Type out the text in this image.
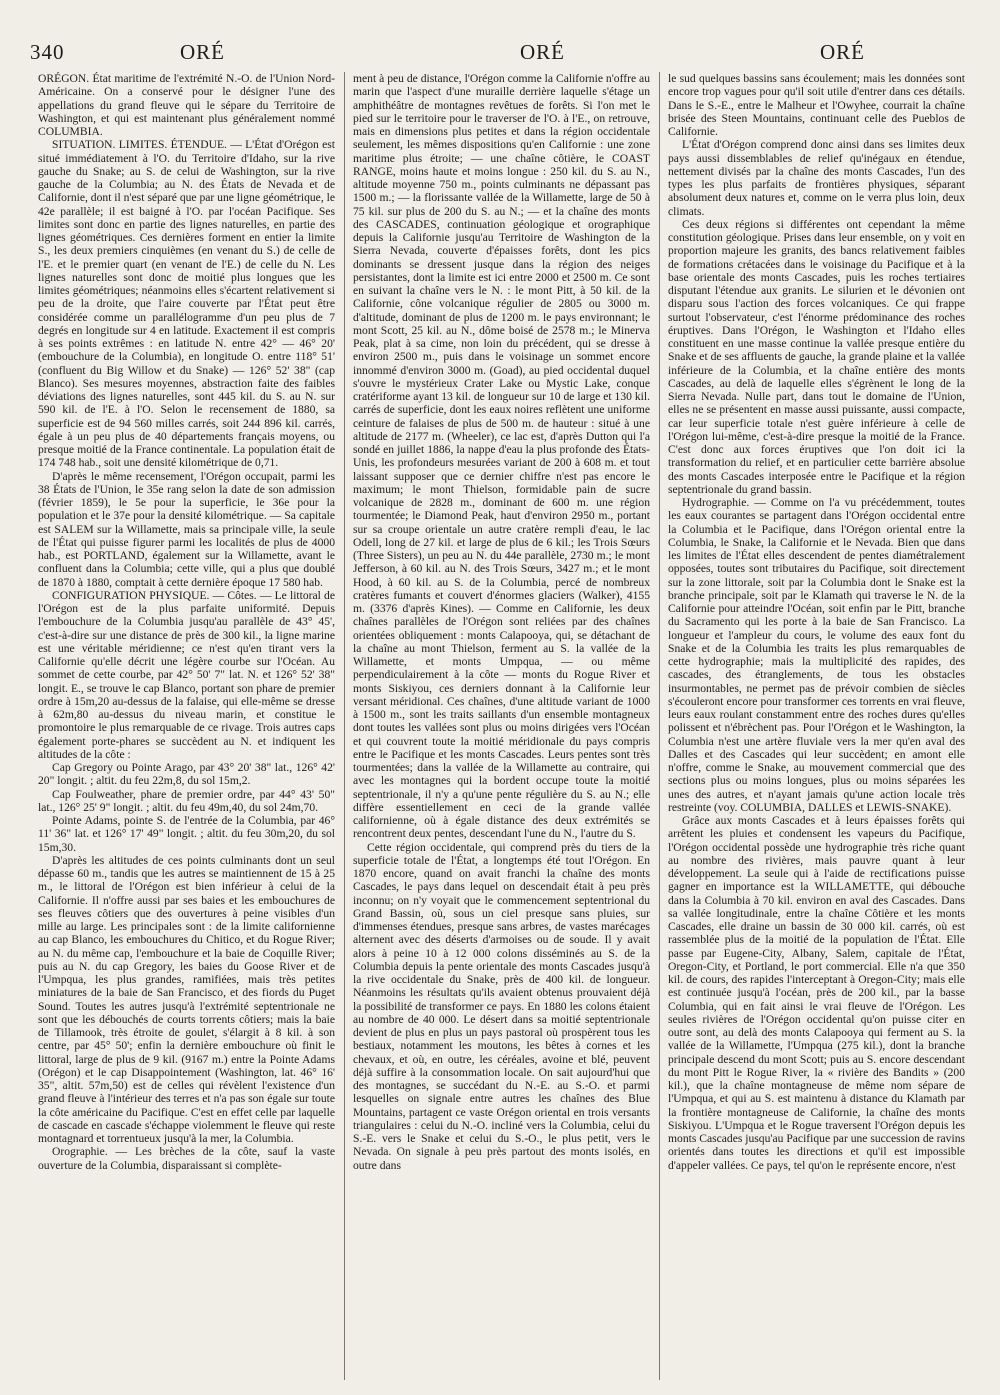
340	ORÉ	ORÉ	ORÉ

ORÉGON. État maritime de l'extrémité N.-O. de l'Union Nord-Américaine. On a conservé pour le désigner l'une des appellations du grand fleuve qui le sépare du Territoire de Washington, et qui est maintenant plus généralement nommé COLUMBIA.

SITUATION. LIMITES. ÉTENDUE. — L'État d'Orégon est situé immédiatement à l'O. du Territoire d'Idaho, sur la rive gauche du Snake; au S. de celui de Washington, sur la rive gauche de la Columbia; au N. des États de Nevada et de Californie, dont il n'est séparé que par une ligne géométrique, le 42e parallèle; il est baigné à l'O. par l'océan Pacifique. Ses limites sont donc en partie des lignes naturelles, en partie des lignes géométriques. Ces dernières forment en entier la limite S., les deux premiers cinquièmes (en venant du S.) de celle de l'E. et le premier quart (en venant de l'E.) de celle du N. Les lignes naturelles sont donc de moitié plus longues que les limites géométriques; néanmoins elles s'écartent relativement si peu de la droite, que l'aire couverte par l'État peut être considérée comme un parallélogramme d'un peu plus de 7 degrés en longitude sur 4 en latitude. Exactement il est compris à ses points extrêmes : en latitude N. entre 42° — 46° 20' (embouchure de la Columbia), en longitude O. entre 118° 51' (confluent du Big Willow et du Snake) — 126° 52' 38" (cap Blanco). Ses mesures moyennes, abstraction faite des faibles déviations des lignes naturelles, sont 445 kil. du S. au N. sur 590 kil. de l'E. à l'O. Selon le recensement de 1880, sa superficie est de 94 560 milles carrés, soit 244 896 kil. carrés, égale à un peu plus de 40 départements français moyens, ou presque moitié de la France continentale. La population était de 174 748 hab., soit une densité kilométrique de 0,71.

D'après le même recensement, l'Orégon occupait, parmi les 38 États de l'Union, le 35e rang selon la date de son admission (février 1859), le 5e pour la superficie, le 36e pour la population et le 37e pour la densité kilométrique. — Sa capitale est SALEM sur la Willamette, mais sa principale ville, la seule de l'État qui puisse figurer parmi les localités de plus de 4000 hab., est PORTLAND, également sur la Willamette, avant le confluent dans la Columbia; cette ville, qui a plus que doublé de 1870 à 1880, comptait à cette dernière époque 17 580 hab.

CONFIGURATION PHYSIQUE. — Côtes. — Le littoral de l'Orégon est de la plus parfaite uniformité. Depuis l'embouchure de la Columbia jusqu'au parallèle de 43° 45', c'est-à-dire sur une distance de près de 300 kil., la ligne marine est une véritable méridienne; ce n'est qu'en tirant vers la Californie qu'elle décrit une légère courbe sur l'Océan. Au sommet de cette courbe, par 42° 50' 7" lat. N. et 126° 52' 38" longit. E., se trouve le cap Blanco, portant son phare de premier ordre à 15m,20 au-dessus de la falaise, qui elle-même se dresse à 62m,80 au-dessus du niveau marin, et constitue le promontoire le plus remarquable de ce rivage. Trois autres caps également porte-phares se succèdent au N. et indiquent les altitudes de la côte :

Cap Gregory ou Pointe Arago, par 43° 20' 38" lat., 126° 42' 20" longit. ; altit. du feu 22m,8, du sol 15m,2.

Cap Foulweather, phare de premier ordre, par 44° 43' 50" lat., 126° 25' 9" longit. ; altit. du feu 49m,40, du sol 24m,70.

Pointe Adams, pointe S. de l'entrée de la Columbia, par 46° 11' 36" lat. et 126° 17' 49" longit. ; altit. du feu 30m,20, du sol 15m,30.

D'après les altitudes de ces points culminants dont un seul dépasse 60 m., tandis que les autres se maintiennent de 15 à 25 m., le littoral de l'Orégon est bien inférieur à celui de la Californie. Il n'offre aussi par ses baies et les embouchures de ses fleuves côtiers que des ouvertures à peine visibles d'un mille au large. Les principales sont : de la limite californienne au cap Blanco, les embouchures du Chitico, et du Rogue River; au N. du même cap, l'embouchure et la baie de Coquille River; puis au N. du cap Gregory, les baies du Goose River et de l'Umpqua, les plus grandes, ramifiées, mais très petites miniatures de la baie de San Francisco, et des fiords du Puget Sound. Toutes les autres jusqu'à l'extrémité septentrionale ne sont que les débouchés de courts torrents côtiers; mais la baie de Tillamook, très étroite de goulet, s'élargit à 8 kil. à son centre, par 45° 50'; enfin la dernière embouchure où finit le littoral, large de plus de 9 kil. (9167 m.) entre la Pointe Adams (Orégon) et le cap Disappointement (Washington, lat. 46° 16' 35", altit. 57m,50) est de celles qui révèlent l'existence d'un grand fleuve à l'intérieur des terres et n'a pas son égale sur toute la côte américaine du Pacifique. C'est en effet celle par laquelle de cascade en cascade s'échappe violemment le fleuve qui reste montagnard et torrentueux jusqu'à la mer, la Columbia.

Orographie. — Les brèches de la côte, sauf la vaste ouverture de la Columbia, disparaissant si complète-

ment à peu de distance, l'Orégon comme la Californie n'offre au marin que l'aspect d'une muraille derrière laquelle s'étage un amphithéâtre de montagnes revêtues de forêts. Si l'on met le pied sur le territoire pour le traverser de l'O. à l'E., on retrouve, mais en dimensions plus petites et dans la région occidentale seulement, les mêmes dispositions qu'en Californie : une zone maritime plus étroite; — une chaîne côtière, le COAST RANGE, moins haute et moins longue : 250 kil. du S. au N., altitude moyenne 750 m., points culminants ne dépassant pas 1500 m.; — la florissante vallée de la Willamette, large de 50 à 75 kil. sur plus de 200 du S. au N.; — et la chaîne des monts des CASCADES, continuation géologique et orographique depuis la Californie jusqu'au Territoire de Washington de la Sierra Nevada, couverte d'épaisses forêts, dont les pics dominants se dressent jusque dans la région des neiges persistantes, dont la limite est ici entre 2000 et 2500 m. Ce sont en suivant la chaîne vers le N. : le mont Pitt, à 50 kil. de la Californie, cône volcanique régulier de 2805 ou 3000 m. d'altitude, dominant de plus de 1200 m. le pays environnant; le mont Scott, 25 kil. au N., dôme boisé de 2578 m.; le Minerva Peak, plat à sa cime, non loin du précédent, qui se dresse à environ 2500 m., puis dans le voisinage un sommet encore innommé d'environ 3000 m. (Goad), au pied occidental duquel s'ouvre le mystérieux Crater Lake ou Mystic Lake, conque cratériforme ayant 13 kil. de longueur sur 10 de large et 130 kil. carrés de superficie, dont les eaux noires reflètent une uniforme ceinture de falaises de plus de 500 m. de hauteur : situé à une altitude de 2177 m. (Wheeler), ce lac est, d'après Dutton qui l'a sondé en juillet 1886, la nappe d'eau la plus profonde des États-Unis, les profondeurs mesurées variant de 200 à 608 m. et tout laissant supposer que ce dernier chiffre n'est pas encore le maximum; le mont Thielson, formidable pain de sucre volcanique de 2828 m., dominant de 600 m. une région tourmentée; le Diamond Peak, haut d'environ 2950 m., portant sur sa croupe orientale un autre cratère rempli d'eau, le lac Odell, long de 27 kil. et large de plus de 6 kil.; les Trois Sœurs (Three Sisters), un peu au N. du 44e parallèle, 2730 m.; le mont Jefferson, à 60 kil. au N. des Trois Sœurs, 3427 m.; et le mont Hood, à 60 kil. au S. de la Columbia, percé de nombreux cratères fumants et couvert d'énormes glaciers (Walker), 4155 m. (3376 d'après Kines). — Comme en Californie, les deux chaînes parallèles de l'Orégon sont reliées par des chaînes orientées obliquement : monts Calapooya, qui, se détachant de la chaîne au mont Thielson, ferment au S. la vallée de la Willamette, et monts Umpqua, — ou même perpendiculairement à la côte — monts du Rogue River et monts Siskiyou, ces derniers donnant à la Californie leur versant méridional. Ces chaînes, d'une altitude variant de 1000 à 1500 m., sont les traits saillants d'un ensemble montagneux dont toutes les vallées sont plus ou moins dirigées vers l'Océan et qui couvrent toute la moitié méridionale du pays compris entre le Pacifique et les monts Cascades. Leurs pentes sont très tourmentées; dans la vallée de la Willamette au contraire, qui avec les montagnes qui la bordent occupe toute la moitié septentrionale, il n'y a qu'une pente régulière du S. au N.; elle diffère essentiellement en ceci de la grande vallée californienne, où à égale distance des deux extrémités se rencontrent deux pentes, descendant l'une du N., l'autre du S.

Cette région occidentale, qui comprend près du tiers de la superficie totale de l'État, a longtemps été tout l'Orégon. En 1870 encore, quand on avait franchi la chaîne des monts Cascades, le pays dans lequel on descendait était à peu près inconnu; on n'y voyait que le commencement septentrional du Grand Bassin, où, sous un ciel presque sans pluies, sur d'immenses étendues, presque sans arbres, de vastes marécages alternent avec des déserts d'armoises ou de soude. Il y avait alors à peine 10 à 12 000 colons disséminés au S. de la Columbia depuis la pente orientale des monts Cascades jusqu'à la rive occidentale du Snake, près de 400 kil. de longueur. Néanmoins les résultats qu'ils avaient obtenus prouvaient déjà la possibilité de transformer ce pays. En 1880 les colons étaient au nombre de 40 000. Le désert dans sa moitié septentrionale devient de plus en plus un pays pastoral où prospèrent tous les bestiaux, notamment les moutons, les bêtes à cornes et les chevaux, et où, en outre, les céréales, avoine et blé, peuvent déjà suffire à la consommation locale. On sait aujourd'hui que des montagnes, se succédant du N.-E. au S.-O. et parmi lesquelles on signale entre autres les chaînes des Blue Mountains, partagent ce vaste Orégon oriental en trois versants triangulaires : celui du N.-O. incliné vers la Columbia, celui du S.-E. vers le Snake et celui du S.-O., le plus petit, vers le Nevada. On signale à peu près partout des monts isolés, en outre dans

le sud quelques bassins sans écoulement; mais les données sont encore trop vagues pour qu'il soit utile d'entrer dans ces détails. Dans le S.-E., entre le Malheur et l'Owyhee, courrait la chaîne brisée des Steen Mountains, continuant celle des Pueblos de Californie.

L'État d'Orégon comprend donc ainsi dans ses limites deux pays aussi dissemblables de relief qu'inégaux en étendue, nettement divisés par la chaîne des monts Cascades, l'un des types les plus parfaits de frontières physiques, séparant absolument deux natures et, comme on le verra plus loin, deux climats.

Ces deux régions si différentes ont cependant la même constitution géologique. Prises dans leur ensemble, on y voit en proportion majeure les granits, des bancs relativement faibles de formations crétacées dans le voisinage du Pacifique et à la base orientale des monts Cascades, puis les roches tertiaires disputant l'étendue aux granits. Le silurien et le dévonien ont disparu sous l'action des forces volcaniques. Ce qui frappe surtout l'observateur, c'est l'énorme prédominance des roches éruptives. Dans l'Orégon, le Washington et l'Idaho elles constituent en une masse continue la vallée presque entière du Snake et de ses affluents de gauche, la grande plaine et la vallée inférieure de la Columbia, et la chaîne entière des monts Cascades, au delà de laquelle elles s'égrènent le long de la Sierra Nevada. Nulle part, dans tout le domaine de l'Union, elles ne se présentent en masse aussi puissante, aussi compacte, car leur superficie totale n'est guère inférieure à celle de l'Orégon lui-même, c'est-à-dire presque la moitié de la France. C'est donc aux forces éruptives que l'on doit ici la transformation du relief, et en particulier cette barrière absolue des monts Cascades interposée entre le Pacifique et la région septentrionale du grand bassin.

Hydrographie. — Comme on l'a vu précédemment, toutes les eaux courantes se partagent dans l'Orégon occidental entre la Columbia et le Pacifique, dans l'Orégon oriental entre la Columbia, le Snake, la Californie et le Nevada. Bien que dans les limites de l'État elles descendent de pentes diamétralement opposées, toutes sont tributaires du Pacifique, soit directement sur la zone littorale, soit par la Columbia dont le Snake est la branche principale, soit par le Klamath qui traverse le N. de la Californie pour atteindre l'Océan, soit enfin par le Pitt, branche du Sacramento qui les porte à la baie de San Francisco. La longueur et l'ampleur du cours, le volume des eaux font du Snake et de la Columbia les traits les plus remarquables de cette hydrographie; mais la multiplicité des rapides, des cascades, des étranglements, de tous les obstacles insurmontables, ne permet pas de prévoir combien de siècles s'écouleront encore pour transformer ces torrents en vrai fleuve, leurs eaux roulant constamment entre des roches dures qu'elles polissent et n'ébrèchent pas. Pour l'Orégon et le Washington, la Columbia n'est une artère fluviale vers la mer qu'en aval des Dalles et des Cascades qui leur succèdent; en amont elle n'offre, comme le Snake, au mouvement commercial que des sections plus ou moins longues, plus ou moins séparées les unes des autres, et n'ayant jamais qu'une action locale très restreinte (voy. COLUMBIA, DALLES et LEWIS-SNAKE).

Grâce aux monts Cascades et à leurs épaisses forêts qui arrêtent les pluies et condensent les vapeurs du Pacifique, l'Orégon occidental possède une hydrographie très riche quant au nombre des rivières, mais pauvre quant à leur développement. La seule qui à l'aide de rectifications puisse gagner en importance est la WILLAMETTE, qui débouche dans la Columbia à 70 kil. environ en aval des Cascades. Dans sa vallée longitudinale, entre la chaîne Côtière et les monts Cascades, elle draine un bassin de 30 000 kil. carrés, où est rassemblée plus de la moitié de la population de l'État. Elle passe par Eugene-City, Albany, Salem, capitale de l'État, Oregon-City, et Portland, le port commercial. Elle n'a que 350 kil. de cours, des rapides l'interceptant à Oregon-City; mais elle est continuée jusqu'à l'océan, près de 200 kil., par la basse Columbia, qui en fait ainsi le vrai fleuve de l'Orégon. Les seules rivières de l'Orégon occidental qu'on puisse citer en outre sont, au delà des monts Calapooya qui ferment au S. la vallée de la Willamette, l'Umpqua (275 kil.), dont la branche principale descend du mont Scott; puis au S. encore descendant du mont Pitt le Rogue River, la « rivière des Bandits » (200 kil.), que la chaîne montagneuse de même nom sépare de l'Umpqua, et qui au S. est maintenu à distance du Klamath par la frontière montagneuse de Californie, la chaîne des monts Siskiyou. L'Umpqua et le Rogue traversent l'Orégon depuis les monts Cascades jusqu'au Pacifique par une succession de ravins orientés dans toutes les directions et qu'il est impossible d'appeler vallées. Ce pays, tel qu'on le représente encore, n'est
